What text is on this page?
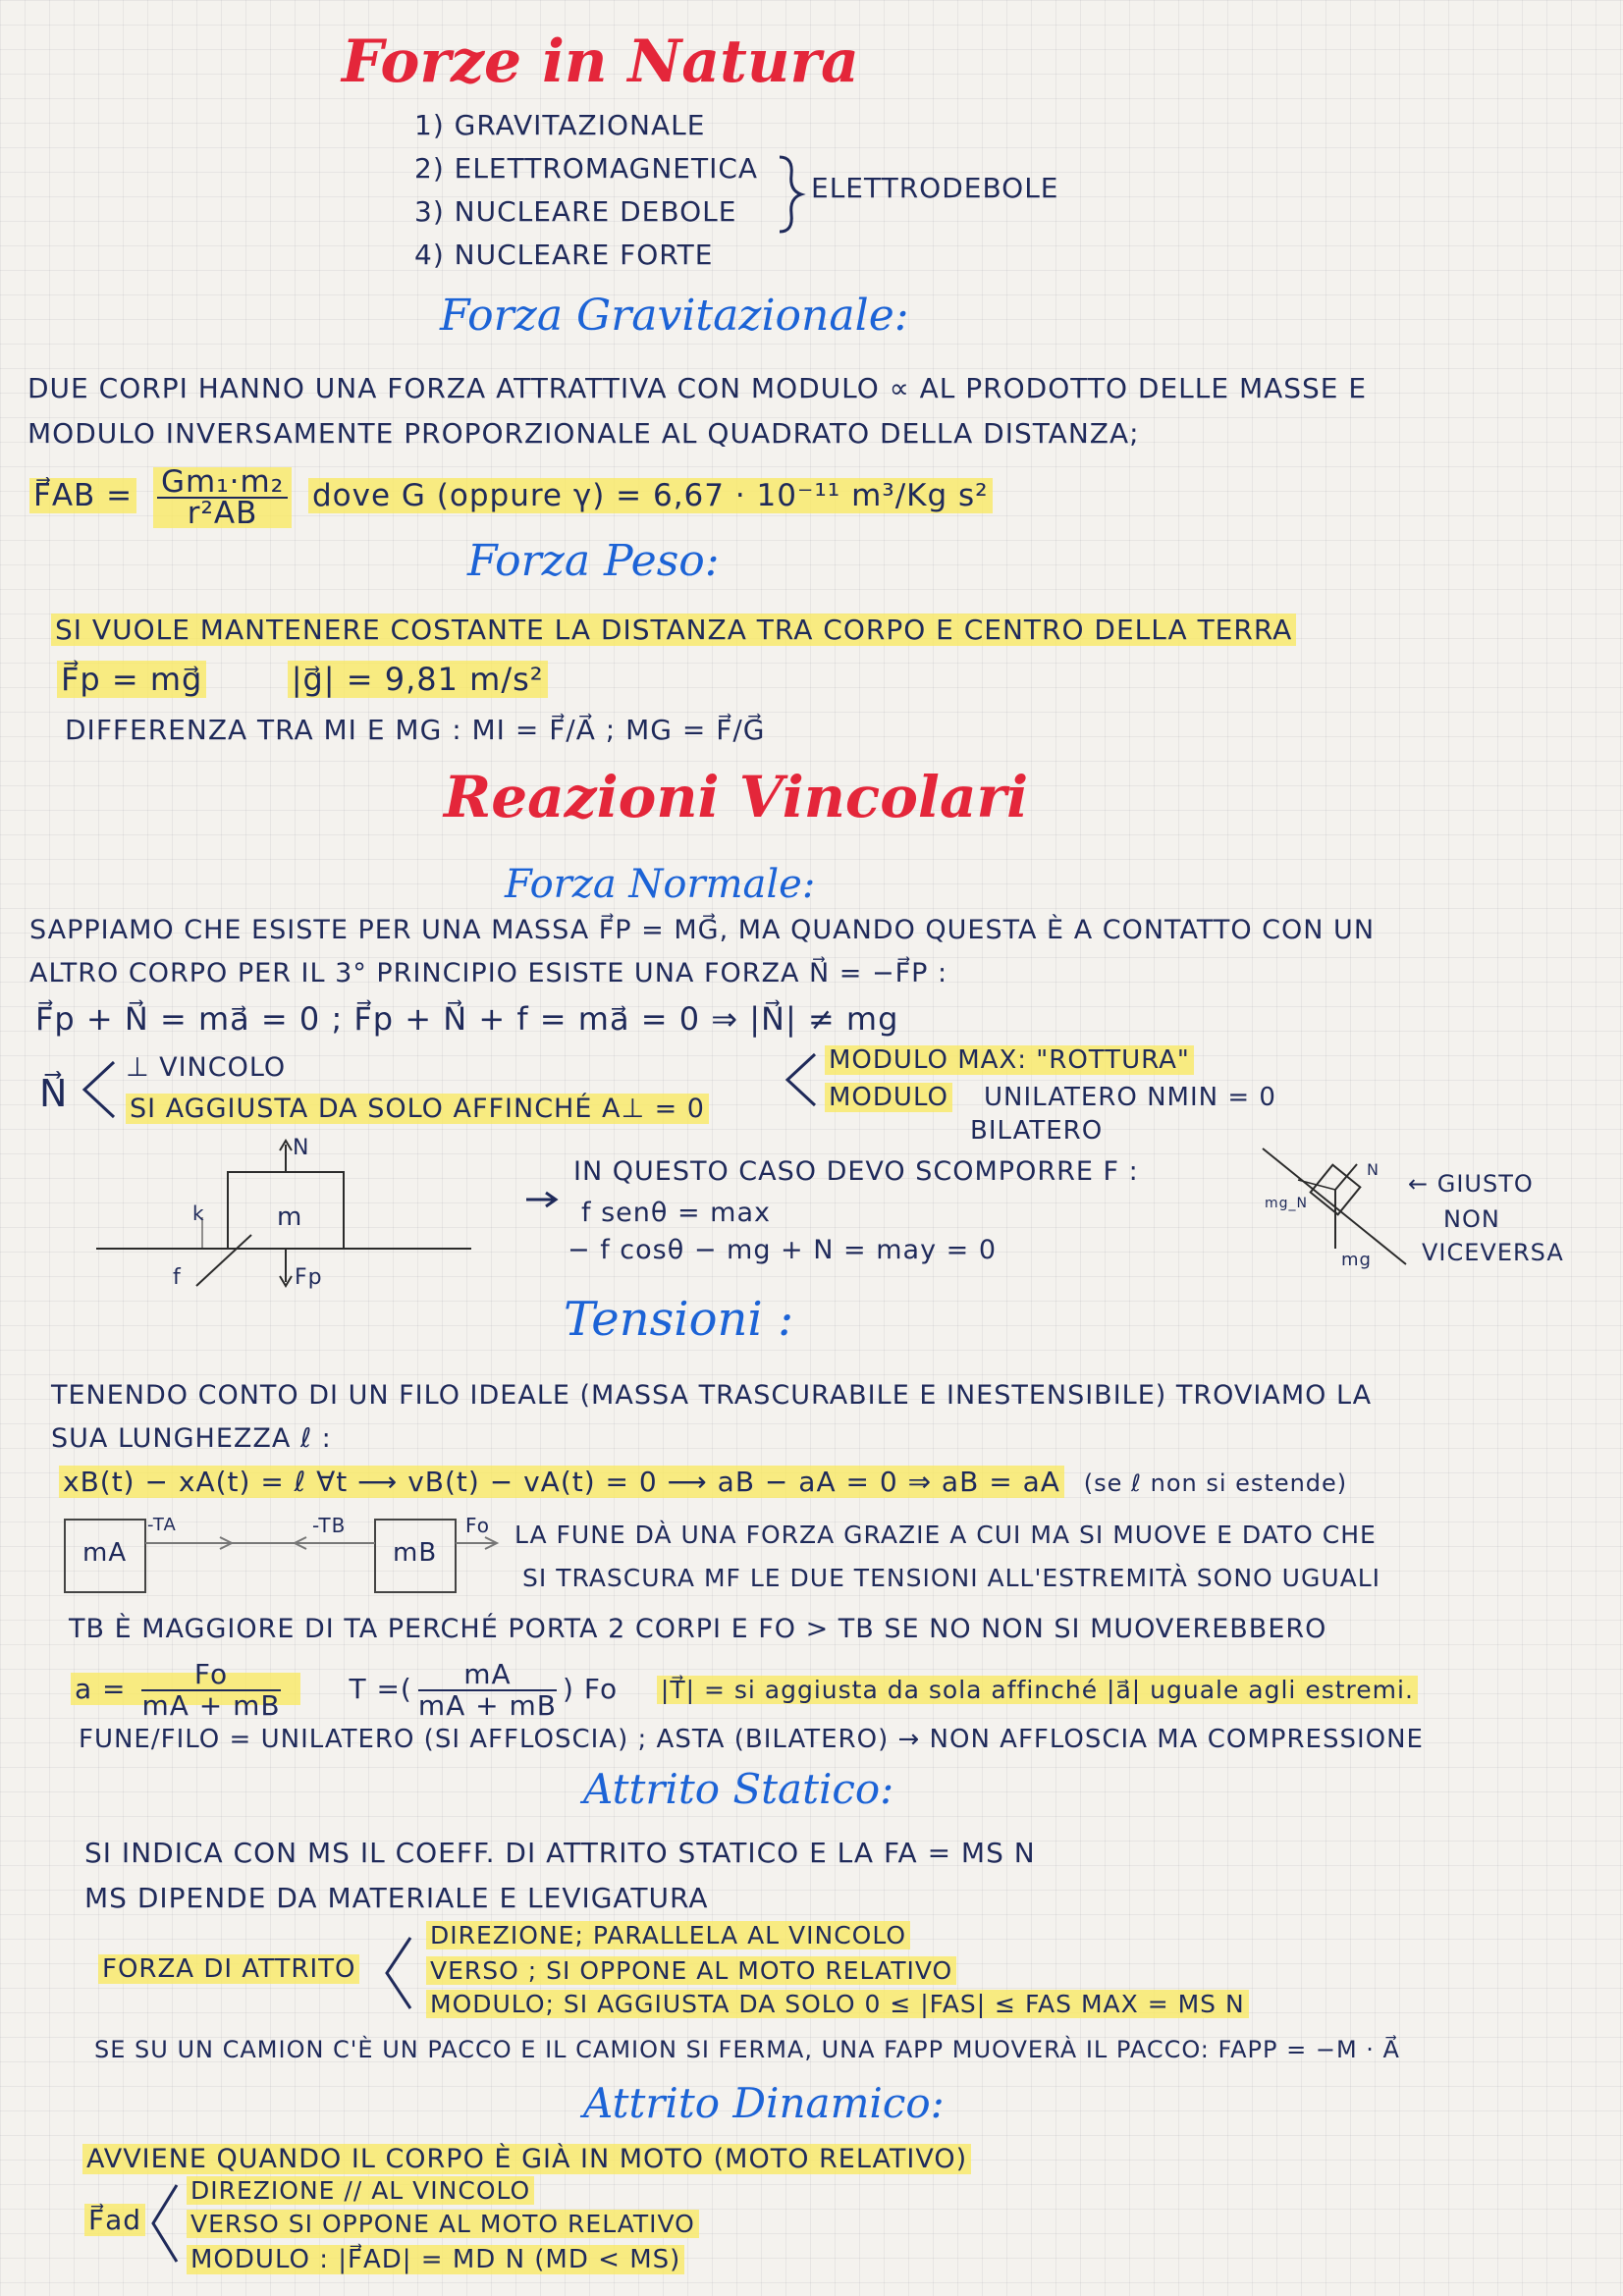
Forze in Natura
1) GRAVITAZIONALE
2) ELETTROMAGNETICA
3) NUCLEARE DEBOLE
4) NUCLEARE FORTE
ELETTRODEBOLE
Forza Gravitazionale:
DUE CORPI HANNO UNA FORZA ATTRATTIVA CON MODULO ∝ AL PRODOTTO DELLE MASSE E
MODULO INVERSAMENTE PROPORZIONALE AL QUADRATO DELLA DISTANZA;
F⃗AB = $\frac{\text{Gm₁·m₂}}{\text{r²AB}}$ dove G (oppure γ) = 6,67 · 10⁻¹¹ m³/Kg s²
Forza Peso:
SI VUOLE MANTENERE COSTANTE LA DISTANZA TRA CORPO E CENTRO DELLA TERRA
F⃗p = mg⃗	|g⃗| = 9,81 m/s²
DIFFERENZA TRA MI E MG : MI = F⃗/A⃗ ; MG = F⃗/G⃗
Reazioni Vincolari
Forza Normale:
SAPPIAMO CHE ESISTE PER UNA MASSA F⃗P = MG⃗, MA QUANDO QUESTA È A CONTATTO CON UN
ALTRO CORPO PER IL 3° PRINCIPIO ESISTE UNA FORZA N⃗ = −F⃗P :
F⃗p + N⃗ = ma⃗ = 0 ; F⃗p + N⃗ + f = ma⃗ = 0 ⇒ |N⃗| ≠ mg
N⃗
⊥ VINCOLO
SI AGGIUSTA DA SOLO AFFINCHÉ A⊥ = 0
MODULO MAX: "ROTTURA"
MODULO UNILATERO NMIN = 0
BILATERO
N
m
Fp
f
k
IN QUESTO CASO DEVO SCOMPORRE F :
f senθ = max
− f cosθ − mg + N = may = 0
N
mg_N
mg
← GIUSTO
NON
VICEVERSA
Tensioni :
TENENDO CONTO DI UN FILO IDEALE (MASSA TRASCURABILE E INESTENSIBILE) TROVIAMO LA
SUA LUNGHEZZA ℓ :
xB(t) − xA(t) = ℓ ∀t ⟶ vB(t) − vA(t) = 0 ⟶ aB − aA = 0 ⇒ aB = aA (se ℓ non si estende)
mA	mB
-TA	-TB	Fo LA FUNE DÀ UNA FORZA GRAZIE A CUI MA SI MUOVE E DATO CHE
SI TRASCURA MF LE DUE TENSIONI ALL'ESTREMITÀ SONO UGUALI
TB È MAGGIORE DI TA PERCHÉ PORTA 2 CORPI E FO > TB SE NO NON SI MUOVEREBBERO
$a = \frac{Fo}{mA + mB}$ T =( $\frac{mA}{mA + mB}$ ) Fo |T⃗| = si aggiusta da sola affinché |a⃗| uguale agli estremi.
FUNE/FILO = UNILATERO (SI AFFLOSCIA) ; ASTA (BILATERO) → NON AFFLOSCIA MA COMPRESSIONE
Attrito Statico:
SI INDICA CON ΜS IL COEFF. DI ATTRITO STATICO E LA FA = ΜS N
ΜS DIPENDE DA MATERIALE E LEVIGATURA
FORZA DI ATTRITO
DIREZIONE; PARALLELA AL VINCOLO
VERSO ; SI OPPONE AL MOTO RELATIVO
MODULO; SI AGGIUSTA DA SOLO 0 ≤ |FAS| ≤ FAS MAX = ΜS N
SE SU UN CAMION C'È UN PACCO E IL CAMION SI FERMA, UNA FAPP MUOVERÀ IL PACCO: FAPP = −M · A⃗
Attrito Dinamico:
AVVIENE QUANDO IL CORPO È GIÀ IN MOTO (MOTO RELATIVO)
F⃗ad
DIREZIONE // AL VINCOLO
VERSO SI OPPONE AL MOTO RELATIVO
MODULO : |F⃗AD| = ΜD N (ΜD < ΜS)
